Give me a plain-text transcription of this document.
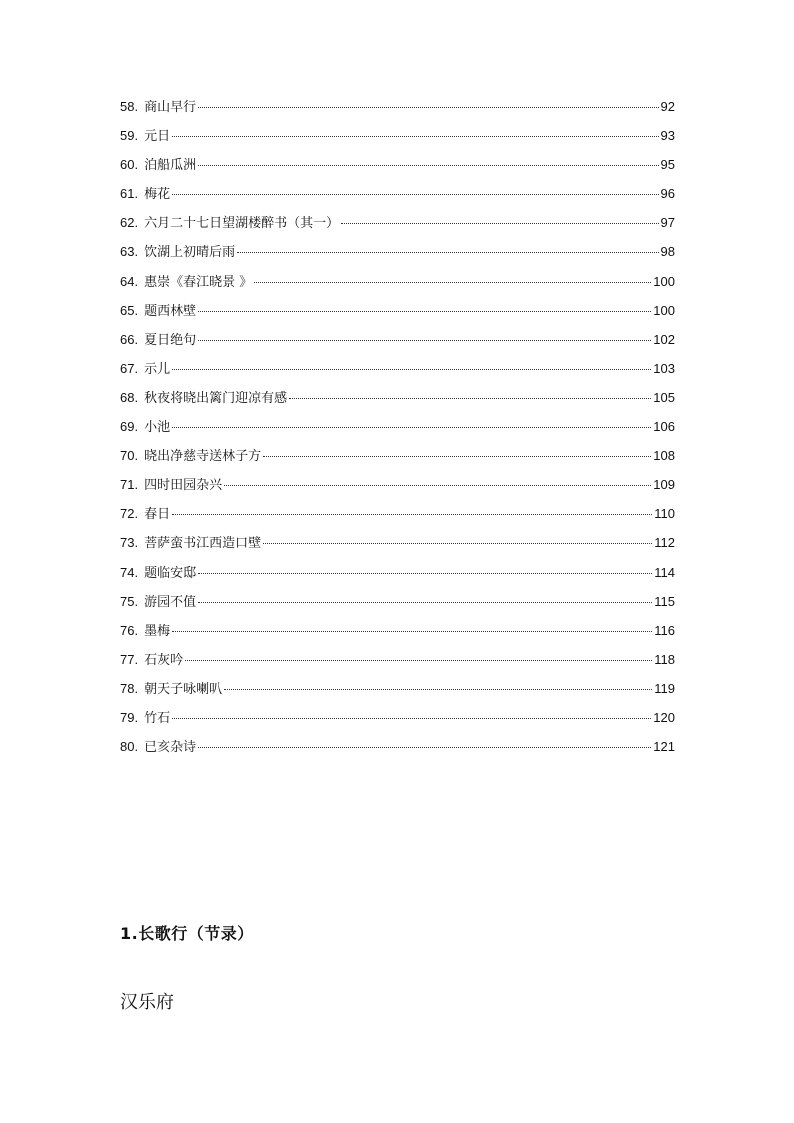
58. 商山早行	92
59. 元日	93
60. 泊船瓜洲	95
61. 梅花	96
62. 六月二十七日望湖楼醉书（其一）	97
63. 饮湖上初晴后雨	98
64. 惠崇《春江晓景 》	100
65. 题西林壁	100
66. 夏日绝句	102
67. 示儿	103
68. 秋夜将晓出篱门迎凉有感	105
69. 小池	106
70. 晓出净慈寺送林子方	108
71. 四时田园杂兴	109
72. 春日	110
73. 菩萨蛮书江西造口壁	112
74. 题临安邸	114
75. 游园不值	115
76. 墨梅	116
77. 石灰吟	118
78. 朝天子咏喇叭	119
79. 竹石	120
80. 已亥杂诗	121
1.长歌行（节录）
汉乐府
